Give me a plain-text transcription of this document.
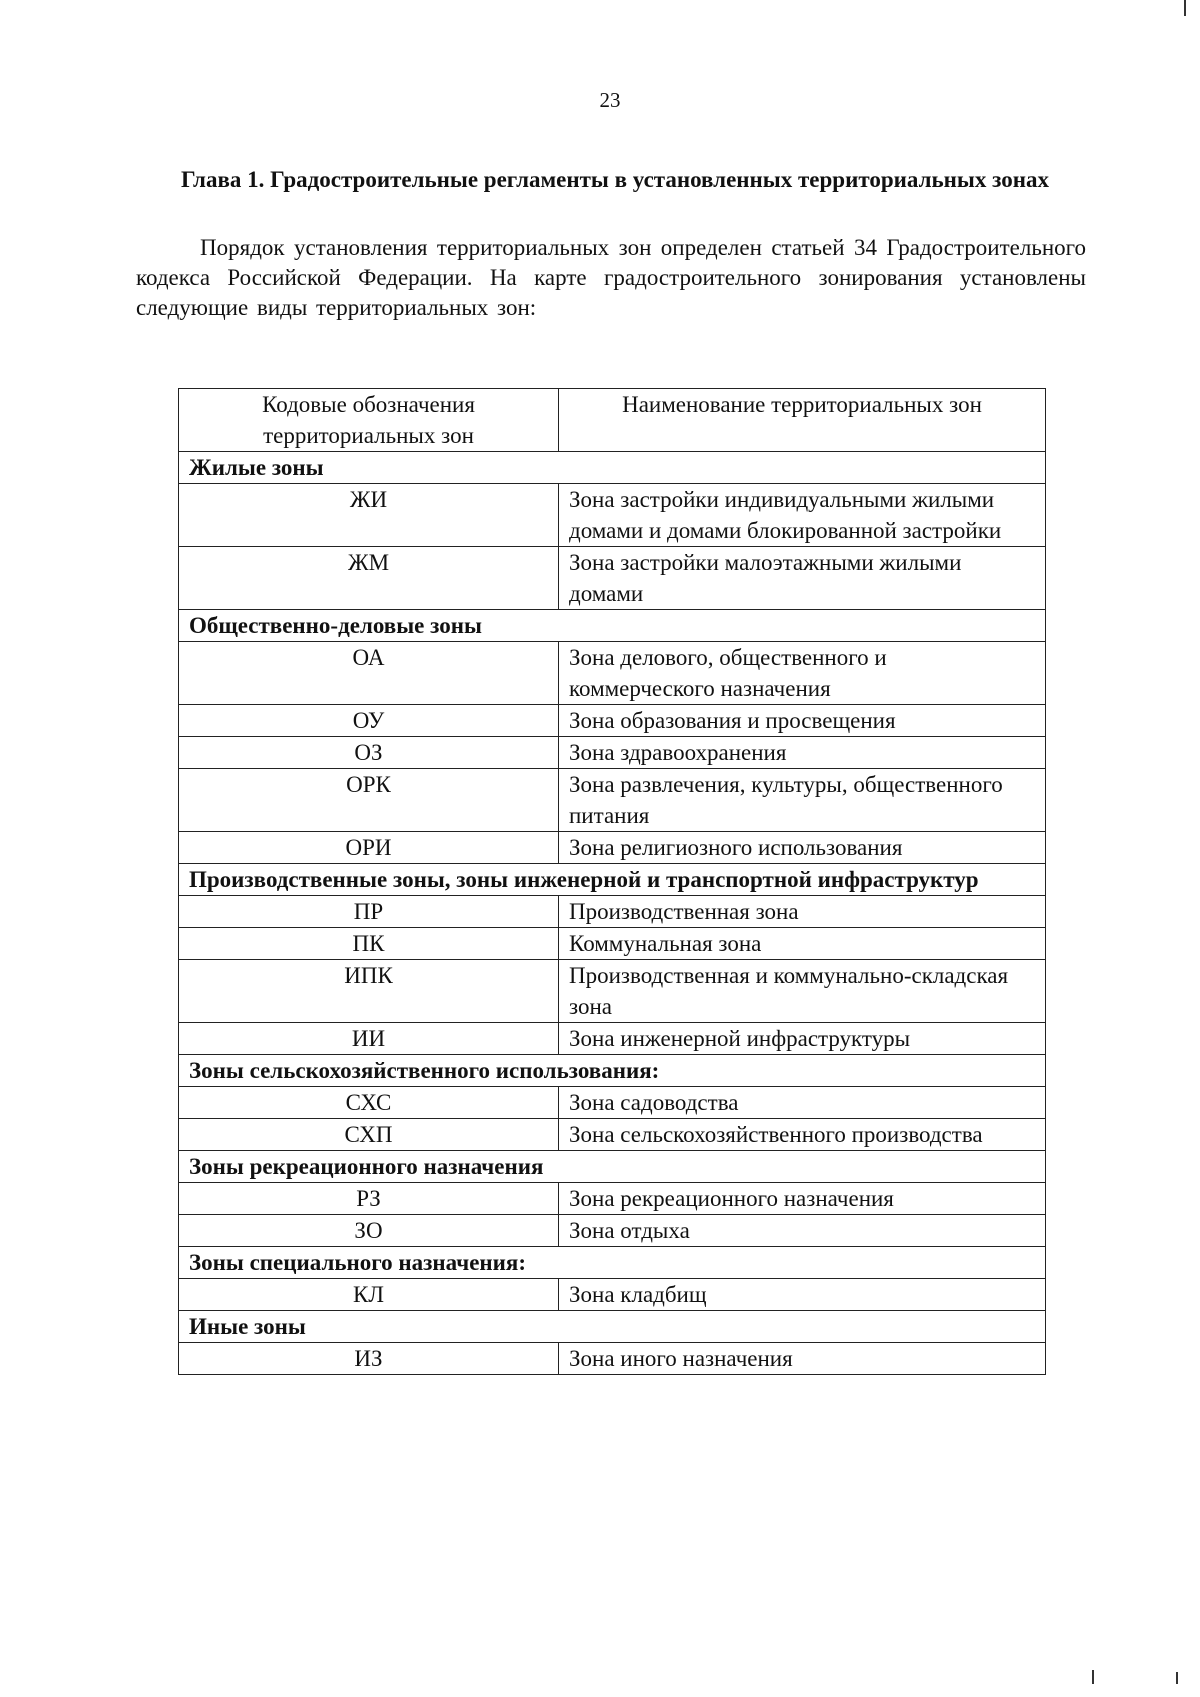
23
Глава 1. Градостроительные регламенты в установленных территориальных зонах
Порядок установления территориальных зон определен статьей 34 Градостроительного кодекса Российской Федерации. На карте градостроительного зонирования установлены следующие виды территориальных зон:
Кодовые обозначения территориальных зон	Наименование территориальных зон
Жилые зоны	
ЖИ	Зона застройки индивидуальными жилыми домами и домами блокированной застройки
ЖМ	Зона застройки малоэтажными жилыми домами
Общественно-деловые зоны	
ОА	Зона делового, общественного и коммерческого назначения
ОУ	Зона образования и просвещения
ОЗ	Зона здравоохранения
ОРК	Зона развлечения, культуры, общественного питания
ОРИ	Зона религиозного использования
Производственные зоны, зоны инженерной и транспортной инфраструктур	
ПР	Производственная зона
ПК	Коммунальная зона
ИПК	Производственная и коммунально-складская зона
ИИ	Зона инженерной инфраструктуры
Зоны сельскохозяйственного использования:	
СХС	Зона садоводства
СХП	Зона сельскохозяйственного производства
Зоны рекреационного назначения	
РЗ	Зона рекреационного назначения
ЗО	Зона отдыха
Зоны специального назначения:	
КЛ	Зона кладбищ
Иные зоны	
ИЗ	Зона иного назначения
